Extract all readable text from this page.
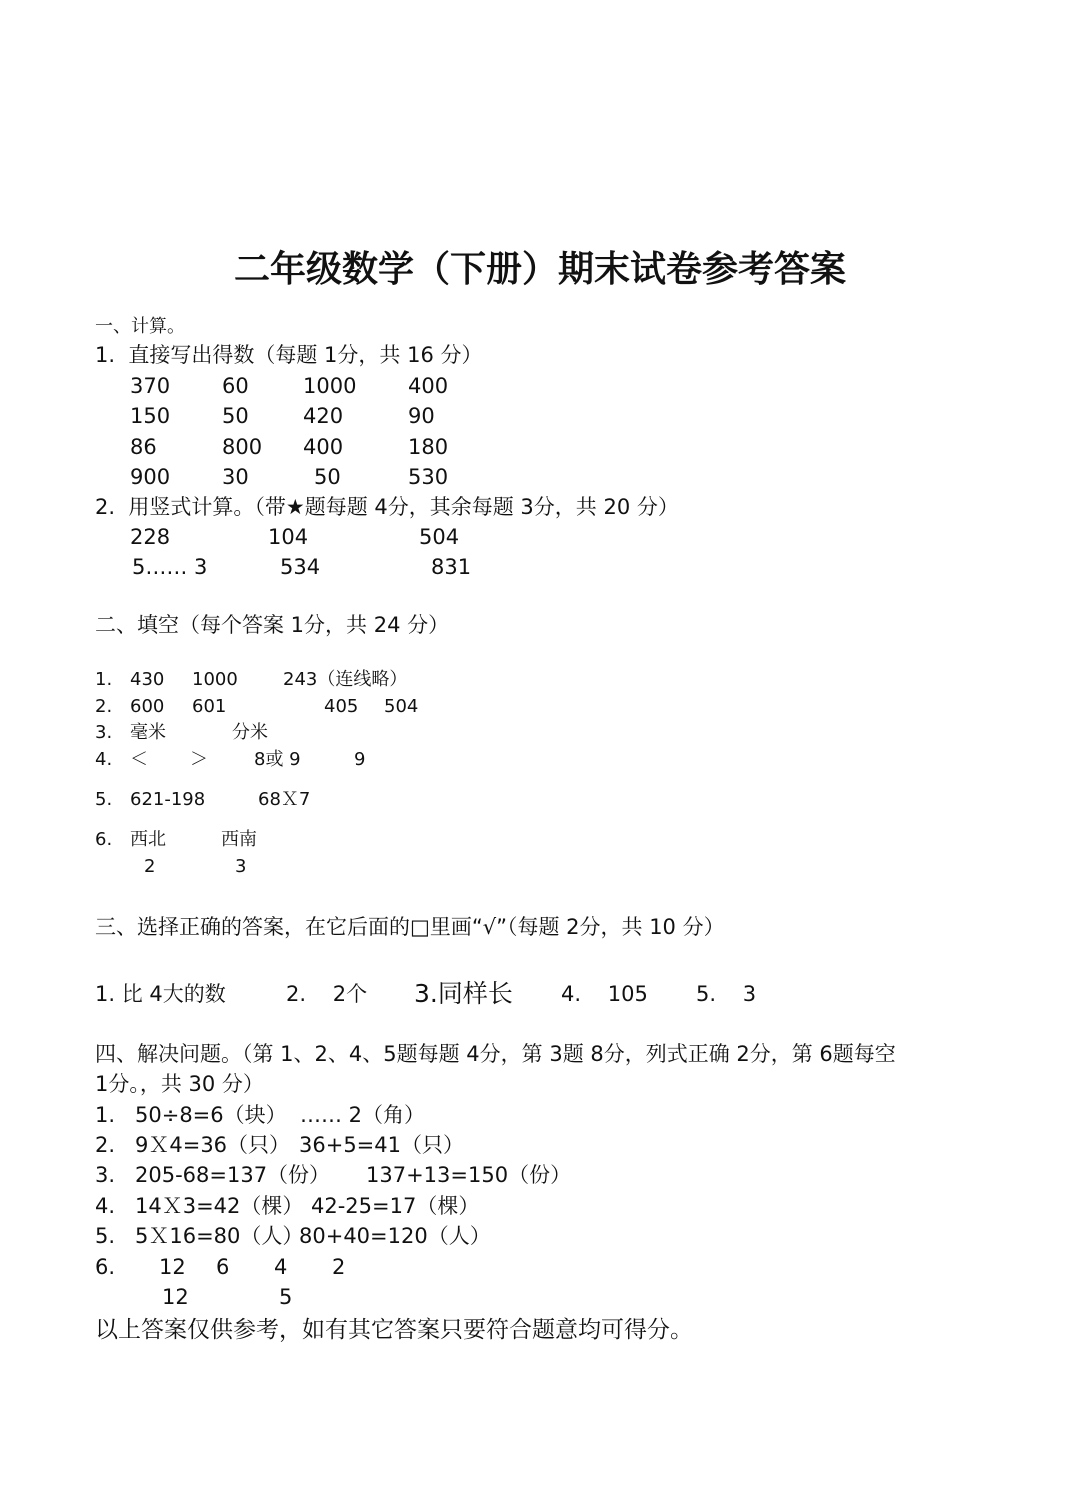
二年级数学（下册）期末试卷参考答案
一、计算。
1.  直接写出得数（每题 1分，共 16 分）
370 60	1000 400
150 50	420	90
86	800 400	180
900 30	50	530
2.  用竖式计算。（带★题每题 4分，其余每题 3分，共 20 分）
228	104	504
5…… 3	534	831
二、填空（每个答案 1分，共 24 分）
1. 430 1000	243（连线略）
2. 600 601	405 504
3. 毫米	分米
4. ＜ ＞	8或 9	9
5. 621-198	68Ｘ7
6. 西北	西南
2	3
三、选择正确的答案，在它后面的□里画“√”（每题 2分，共 10 分）
1. 比 4大的数	2.    2个 3.同样长 4.    105 5.    3
四、解决问题。（第 1、2、4、5题每题 4分，第 3题 8分，列式正确 2分，第 6题每空
1分。，共 30 分）
1. 50÷8=6（块）  …… 2（角）
2. 9Ｘ4=36（只） 36+5=41（只）
3. 205-68=137（份） 137+13=150（份）
4. 14Ｘ3=42（棵） 42-25=17（棵）
5. 5Ｘ16=80（人）
80+40=120（人）
6. 12 6 4 2
12	5
以上答案仅供参考，如有其它答案只要符合题意均可得分。
